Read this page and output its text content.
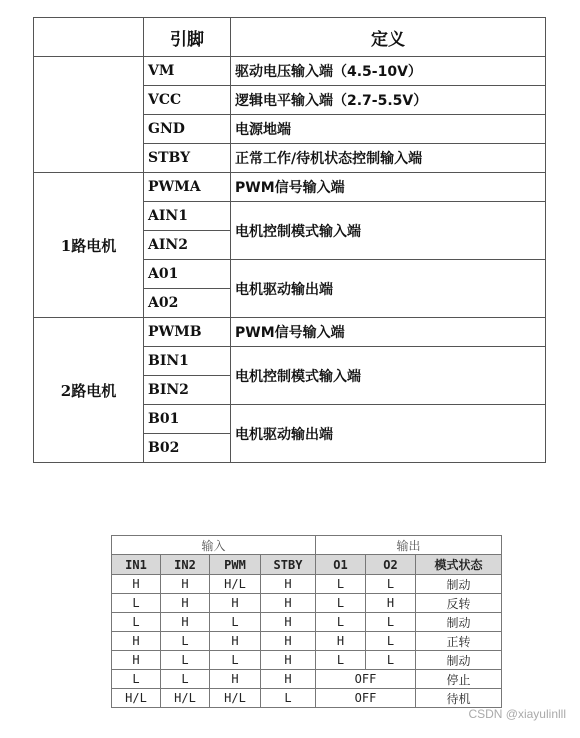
	引脚	定义
	VM	驱动电压输入端（4.5-10V）
	VCC	逻辑电平输入端（2.7-5.5V）
	GND	电源地端
	STBY	正常工作/待机状态控制输入端
1路电机	PWMA	PWM信号输入端
	AIN1	电机控制模式输入端
	AIN2	
	A01	电机驱动输出端
	A02	
2路电机	PWMB	PWM信号输入端
	BIN1	电机控制模式输入端
	BIN2	
	B01	电机驱动输出端
	B02	
输入				输出		
IN1	IN2	PWM	STBY	O1	O2	模式状态
H	H	H/L	H	L	L	制动
L	H	H	H	L	H	反转
L	H	L	H	L	L	制动
H	L	H	H	H	L	正转
H	L	L	H	L	L	制动
L	L	H	H	OFF		停止
H/L	H/L	H/L	L	OFF		待机
CSDN @xiayulinlll
